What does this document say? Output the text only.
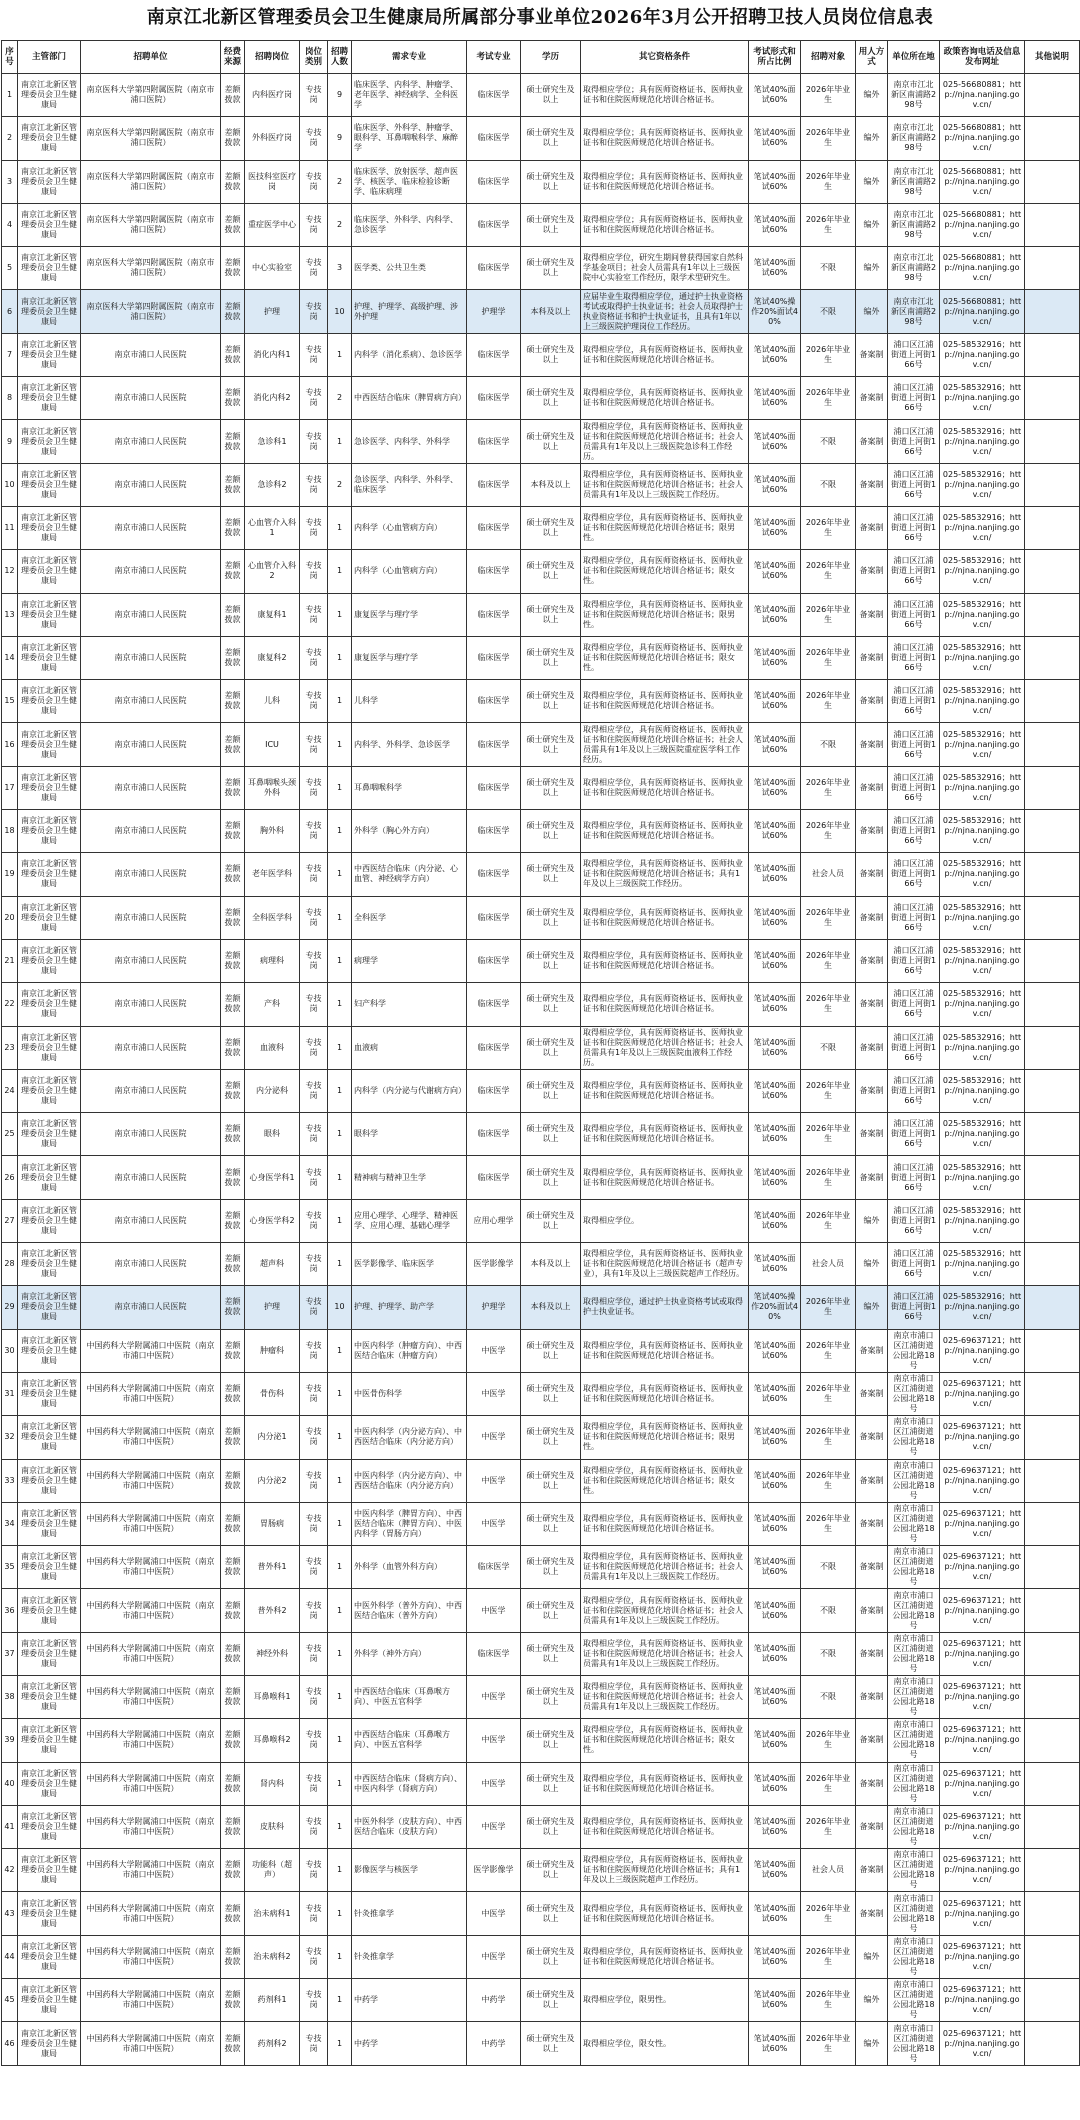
南京江北新区管理委员会卫生健康局所属部分事业单位2026年3月公开招聘卫技人员岗位信息表
序号	主管部门	招聘单位	经费来源	招聘岗位	岗位类别	招聘人数	需求专业	考试专业	学历	其它资格条件	考试形式和所占比例	招聘对象	用人方式	单位所在地	政策咨询电话及信息发布网址	其他说明
1	南京江北新区管理委员会卫生健康局	南京医科大学第四附属医院（南京市浦口医院）	差额拨款	内科医疗岗	专技岗	9	临床医学、内科学、肿瘤学、老年医学、神经病学、全科医学	临床医学	硕士研究生及以上	取得相应学位；具有医师资格证书、医师执业证书和住院医师规范化培训合格证书。	笔试40%面试60%	2026年毕业生	编外	南京市江北新区南浦路298号	025-56680881；http://njna.nanjing.gov.cn/	
2	南京江北新区管理委员会卫生健康局	南京医科大学第四附属医院（南京市浦口医院）	差额拨款	外科医疗岗	专技岗	9	临床医学、外科学、肿瘤学、眼科学、耳鼻咽喉科学、麻醉学	临床医学	硕士研究生及以上	取得相应学位；具有医师资格证书、医师执业证书和住院医师规范化培训合格证书。	笔试40%面试60%	2026年毕业生	编外	南京市江北新区南浦路298号	025-56680881；http://njna.nanjing.gov.cn/	
3	南京江北新区管理委员会卫生健康局	南京医科大学第四附属医院（南京市浦口医院）	差额拨款	医技科室医疗岗	专技岗	2	临床医学、放射医学、超声医学、核医学、临床检验诊断学、临床病理	临床医学	硕士研究生及以上	取得相应学位；具有医师资格证书、医师执业证书和住院医师规范化培训合格证书。	笔试40%面试60%	2026年毕业生	编外	南京市江北新区南浦路298号	025-56680881；http://njna.nanjing.gov.cn/	
4	南京江北新区管理委员会卫生健康局	南京医科大学第四附属医院（南京市浦口医院）	差额拨款	重症医学中心	专技岗	2	临床医学、外科学、内科学、急诊医学	临床医学	硕士研究生及以上	取得相应学位；具有医师资格证书、医师执业证书和住院医师规范化培训合格证书。	笔试40%面试60%	2026年毕业生	编外	南京市江北新区南浦路298号	025-56680881；http://njna.nanjing.gov.cn/	
5	南京江北新区管理委员会卫生健康局	南京医科大学第四附属医院（南京市浦口医院）	差额拨款	中心实验室	专技岗	3	医学类、公共卫生类	临床医学	硕士研究生及以上	取得相应学位，研究生期间曾获得国家自然科学基金项目；社会人员需具有1年以上三级医院中心实验室工作经历，限学术型研究生。	笔试40%面试60%	不限	编外	南京市江北新区南浦路298号	025-56680881；http://njna.nanjing.gov.cn/	
6	南京江北新区管理委员会卫生健康局	南京医科大学第四附属医院（南京市浦口医院）	差额拨款	护理	专技岗	10	护理、护理学、高级护理、涉外护理	护理学	本科及以上	应届毕业生取得相应学位，通过护士执业资格考试或取得护士执业证书；社会人员取得护士执业资格证书和护士执业证书，且具有1年以上三级医院护理岗位工作经历。	笔试40%操作20%面试40%	不限	编外	南京市江北新区南浦路298号	025-56680881；http://njna.nanjing.gov.cn/	
7	南京江北新区管理委员会卫生健康局	南京市浦口人民医院	差额拨款	消化内科1	专技岗	1	内科学（消化系病）、急诊医学	临床医学	硕士研究生及以上	取得相应学位，具有医师资格证书、医师执业证书和住院医师规范化培训合格证书。	笔试40%面试60%	2026年毕业生	备案制	浦口区江浦街道上河街166号	025-58532916；http://njna.nanjing.gov.cn/	
8	南京江北新区管理委员会卫生健康局	南京市浦口人民医院	差额拨款	消化内科2	专技岗	2	中西医结合临床（脾胃病方向）	临床医学	硕士研究生及以上	取得相应学位，具有医师资格证书、医师执业证书和住院医师规范化培训合格证书。	笔试40%面试60%	2026年毕业生	备案制	浦口区江浦街道上河街166号	025-58532916；http://njna.nanjing.gov.cn/	
9	南京江北新区管理委员会卫生健康局	南京市浦口人民医院	差额拨款	急诊科1	专技岗	1	急诊医学、内科学、外科学	临床医学	硕士研究生及以上	取得相应学位，具有医师资格证书、医师执业证书和住院医师规范化培训合格证书；社会人员需具有1年及以上三级医院急诊科工作经历。	笔试40%面试60%	不限	备案制	浦口区江浦街道上河街166号	025-58532916；http://njna.nanjing.gov.cn/	
10	南京江北新区管理委员会卫生健康局	南京市浦口人民医院	差额拨款	急诊科2	专技岗	2	急诊医学、内科学、外科学、临床医学	临床医学	本科及以上	取得相应学位，具有医师资格证书、医师执业证书和住院医师规范化培训合格证书；社会人员需具有1年及以上三级医院工作经历。	笔试40%面试60%	不限	备案制	浦口区江浦街道上河街166号	025-58532916；http://njna.nanjing.gov.cn/	
11	南京江北新区管理委员会卫生健康局	南京市浦口人民医院	差额拨款	心血管介入科1	专技岗	1	内科学（心血管病方向）	临床医学	硕士研究生及以上	取得相应学位，具有医师资格证书、医师执业证书和住院医师规范化培训合格证书；限男性。	笔试40%面试60%	2026年毕业生	备案制	浦口区江浦街道上河街166号	025-58532916；http://njna.nanjing.gov.cn/	
12	南京江北新区管理委员会卫生健康局	南京市浦口人民医院	差额拨款	心血管介入科2	专技岗	1	内科学（心血管病方向）	临床医学	硕士研究生及以上	取得相应学位，具有医师资格证书、医师执业证书和住院医师规范化培训合格证书；限女性。	笔试40%面试60%	2026年毕业生	备案制	浦口区江浦街道上河街166号	025-58532916；http://njna.nanjing.gov.cn/	
13	南京江北新区管理委员会卫生健康局	南京市浦口人民医院	差额拨款	康复科1	专技岗	1	康复医学与理疗学	临床医学	硕士研究生及以上	取得相应学位，具有医师资格证书、医师执业证书和住院医师规范化培训合格证书；限男性。	笔试40%面试60%	2026年毕业生	备案制	浦口区江浦街道上河街166号	025-58532916；http://njna.nanjing.gov.cn/	
14	南京江北新区管理委员会卫生健康局	南京市浦口人民医院	差额拨款	康复科2	专技岗	1	康复医学与理疗学	临床医学	硕士研究生及以上	取得相应学位，具有医师资格证书、医师执业证书和住院医师规范化培训合格证书；限女性。	笔试40%面试60%	2026年毕业生	备案制	浦口区江浦街道上河街166号	025-58532916；http://njna.nanjing.gov.cn/	
15	南京江北新区管理委员会卫生健康局	南京市浦口人民医院	差额拨款	儿科	专技岗	1	儿科学	临床医学	硕士研究生及以上	取得相应学位，具有医师资格证书、医师执业证书和住院医师规范化培训合格证书。	笔试40%面试60%	2026年毕业生	备案制	浦口区江浦街道上河街166号	025-58532916；http://njna.nanjing.gov.cn/	
16	南京江北新区管理委员会卫生健康局	南京市浦口人民医院	差额拨款	ICU	专技岗	1	内科学、外科学、急诊医学	临床医学	硕士研究生及以上	取得相应学位，具有医师资格证书、医师执业证书和住院医师规范化培训合格证书；社会人员需具有1年及以上三级医院重症医学科工作经历。	笔试40%面试60%	不限	备案制	浦口区江浦街道上河街166号	025-58532916；http://njna.nanjing.gov.cn/	
17	南京江北新区管理委员会卫生健康局	南京市浦口人民医院	差额拨款	耳鼻咽喉头颈外科	专技岗	1	耳鼻咽喉科学	临床医学	硕士研究生及以上	取得相应学位，具有医师资格证书、医师执业证书和住院医师规范化培训合格证书。	笔试40%面试60%	2026年毕业生	备案制	浦口区江浦街道上河街166号	025-58532916；http://njna.nanjing.gov.cn/	
18	南京江北新区管理委员会卫生健康局	南京市浦口人民医院	差额拨款	胸外科	专技岗	1	外科学（胸心外方向）	临床医学	硕士研究生及以上	取得相应学位，具有医师资格证书、医师执业证书和住院医师规范化培训合格证书。	笔试40%面试60%	2026年毕业生	备案制	浦口区江浦街道上河街166号	025-58532916；http://njna.nanjing.gov.cn/	
19	南京江北新区管理委员会卫生健康局	南京市浦口人民医院	差额拨款	老年医学科	专技岗	1	中西医结合临床（内分泌、心血管、神经病学方向）	临床医学	硕士研究生及以上	取得相应学位，具有医师资格证书、医师执业证书和住院医师规范化培训合格证书；具有1年及以上三级医院工作经历。	笔试40%面试60%	社会人员	备案制	浦口区江浦街道上河街166号	025-58532916；http://njna.nanjing.gov.cn/	
20	南京江北新区管理委员会卫生健康局	南京市浦口人民医院	差额拨款	全科医学科	专技岗	1	全科医学	临床医学	硕士研究生及以上	取得相应学位，具有医师资格证书、医师执业证书和住院医师规范化培训合格证书。	笔试40%面试60%	2026年毕业生	备案制	浦口区江浦街道上河街166号	025-58532916；http://njna.nanjing.gov.cn/	
21	南京江北新区管理委员会卫生健康局	南京市浦口人民医院	差额拨款	病理科	专技岗	1	病理学	临床医学	硕士研究生及以上	取得相应学位，具有医师资格证书、医师执业证书和住院医师规范化培训合格证书。	笔试40%面试60%	2026年毕业生	备案制	浦口区江浦街道上河街166号	025-58532916；http://njna.nanjing.gov.cn/	
22	南京江北新区管理委员会卫生健康局	南京市浦口人民医院	差额拨款	产科	专技岗	1	妇产科学	临床医学	硕士研究生及以上	取得相应学位，具有医师资格证书、医师执业证书和住院医师规范化培训合格证书。	笔试40%面试60%	2026年毕业生	备案制	浦口区江浦街道上河街166号	025-58532916；http://njna.nanjing.gov.cn/	
23	南京江北新区管理委员会卫生健康局	南京市浦口人民医院	差额拨款	血液科	专技岗	1	血液病	临床医学	硕士研究生及以上	取得相应学位，具有医师资格证书、医师执业证书和住院医师规范化培训合格证书；社会人员需具有1年及以上三级医院血液科工作经历。	笔试40%面试60%	不限	备案制	浦口区江浦街道上河街166号	025-58532916；http://njna.nanjing.gov.cn/	
24	南京江北新区管理委员会卫生健康局	南京市浦口人民医院	差额拨款	内分泌科	专技岗	1	内科学（内分泌与代谢病方向）	临床医学	硕士研究生及以上	取得相应学位，具有医师资格证书、医师执业证书和住院医师规范化培训合格证书。	笔试40%面试60%	2026年毕业生	备案制	浦口区江浦街道上河街166号	025-58532916；http://njna.nanjing.gov.cn/	
25	南京江北新区管理委员会卫生健康局	南京市浦口人民医院	差额拨款	眼科	专技岗	1	眼科学	临床医学	硕士研究生及以上	取得相应学位，具有医师资格证书、医师执业证书和住院医师规范化培训合格证书。	笔试40%面试60%	2026年毕业生	备案制	浦口区江浦街道上河街166号	025-58532916；http://njna.nanjing.gov.cn/	
26	南京江北新区管理委员会卫生健康局	南京市浦口人民医院	差额拨款	心身医学科1	专技岗	1	精神病与精神卫生学	临床医学	硕士研究生及以上	取得相应学位，具有医师资格证书、医师执业证书和住院医师规范化培训合格证书。	笔试40%面试60%	2026年毕业生	备案制	浦口区江浦街道上河街166号	025-58532916；http://njna.nanjing.gov.cn/	
27	南京江北新区管理委员会卫生健康局	南京市浦口人民医院	差额拨款	心身医学科2	专技岗	1	应用心理学、心理学、精神医学、应用心理、基础心理学	应用心理学	硕士研究生及以上	取得相应学位。	笔试40%面试60%	2026年毕业生	编外	浦口区江浦街道上河街166号	025-58532916；http://njna.nanjing.gov.cn/	
28	南京江北新区管理委员会卫生健康局	南京市浦口人民医院	差额拨款	超声科	专技岗	1	医学影像学、临床医学	医学影像学	本科及以上	取得相应学位，具有医师资格证书、医师执业证书和住院医师规范化培训合格证书（超声专业），具有1年及以上三级医院超声工作经历。	笔试40%面试60%	社会人员	编外	浦口区江浦街道上河街166号	025-58532916；http://njna.nanjing.gov.cn/	
29	南京江北新区管理委员会卫生健康局	南京市浦口人民医院	差额拨款	护理	专技岗	10	护理、护理学、助产学	护理学	本科及以上	取得相应学位，通过护士执业资格考试或取得护士执业证书。	笔试40%操作20%面试40%	2026年毕业生	编外	浦口区江浦街道上河街166号	025-58532916；http://njna.nanjing.gov.cn/	
30	南京江北新区管理委员会卫生健康局	中国药科大学附属浦口中医院（南京市浦口中医院）	差额拨款	肿瘤科	专技岗	1	中医内科学（肿瘤方向）、中西医结合临床（肿瘤方向）	中医学	硕士研究生及以上	取得相应学位，具有医师资格证书、医师执业证书和住院医师规范化培训合格证书。	笔试40%面试60%	2026年毕业生	备案制	南京市浦口区江浦街道公园北路18号	025-69637121；http://njna.nanjing.gov.cn/	
31	南京江北新区管理委员会卫生健康局	中国药科大学附属浦口中医院（南京市浦口中医院）	差额拨款	骨伤科	专技岗	1	中医骨伤科学	中医学	硕士研究生及以上	取得相应学位，具有医师资格证书、医师执业证书和住院医师规范化培训合格证书。	笔试40%面试60%	2026年毕业生	备案制	南京市浦口区江浦街道公园北路18号	025-69637121；http://njna.nanjing.gov.cn/	
32	南京江北新区管理委员会卫生健康局	中国药科大学附属浦口中医院（南京市浦口中医院）	差额拨款	内分泌1	专技岗	1	中医内科学（内分泌方向）、中西医结合临床（内分泌方向）	中医学	硕士研究生及以上	取得相应学位，具有医师资格证书、医师执业证书和住院医师规范化培训合格证书；限男性。	笔试40%面试60%	2026年毕业生	备案制	南京市浦口区江浦街道公园北路18号	025-69637121；http://njna.nanjing.gov.cn/	
33	南京江北新区管理委员会卫生健康局	中国药科大学附属浦口中医院（南京市浦口中医院）	差额拨款	内分泌2	专技岗	1	中医内科学（内分泌方向）、中西医结合临床（内分泌方向）	中医学	硕士研究生及以上	取得相应学位，具有医师资格证书、医师执业证书和住院医师规范化培训合格证书；限女性。	笔试40%面试60%	2026年毕业生	备案制	南京市浦口区江浦街道公园北路18号	025-69637121；http://njna.nanjing.gov.cn/	
34	南京江北新区管理委员会卫生健康局	中国药科大学附属浦口中医院（南京市浦口中医院）	差额拨款	胃肠病	专技岗	1	中医内科学（脾胃方向）、中西医结合临床（脾胃方向）、中医内科学（胃肠方向）	中医学	硕士研究生及以上	取得相应学位，具有医师资格证书、医师执业证书和住院医师规范化培训合格证书。	笔试40%面试60%	2026年毕业生	备案制	南京市浦口区江浦街道公园北路18号	025-69637121；http://njna.nanjing.gov.cn/	
35	南京江北新区管理委员会卫生健康局	中国药科大学附属浦口中医院（南京市浦口中医院）	差额拨款	普外科1	专技岗	1	外科学（血管外科方向）	临床医学	硕士研究生及以上	取得相应学位，具有医师资格证书、医师执业证书和住院医师规范化培训合格证书；社会人员需具有1年及以上三级医院工作经历。	笔试40%面试60%	不限	备案制	南京市浦口区江浦街道公园北路18号	025-69637121；http://njna.nanjing.gov.cn/	
36	南京江北新区管理委员会卫生健康局	中国药科大学附属浦口中医院（南京市浦口中医院）	差额拨款	普外科2	专技岗	1	中医外科学（普外方向）、中西医结合临床（普外方向）	中医学	硕士研究生及以上	取得相应学位，具有医师资格证书、医师执业证书和住院医师规范化培训合格证书；社会人员需具有1年及以上三级医院工作经历。	笔试40%面试60%	不限	备案制	南京市浦口区江浦街道公园北路18号	025-69637121；http://njna.nanjing.gov.cn/	
37	南京江北新区管理委员会卫生健康局	中国药科大学附属浦口中医院（南京市浦口中医院）	差额拨款	神经外科	专技岗	1	外科学（神外方向）	临床医学	硕士研究生及以上	取得相应学位，具有医师资格证书、医师执业证书和住院医师规范化培训合格证书；社会人员需具有1年及以上三级医院工作经历。	笔试40%面试60%	不限	备案制	南京市浦口区江浦街道公园北路18号	025-69637121；http://njna.nanjing.gov.cn/	
38	南京江北新区管理委员会卫生健康局	中国药科大学附属浦口中医院（南京市浦口中医院）	差额拨款	耳鼻喉科1	专技岗	1	中西医结合临床（耳鼻喉方向）、中医五官科学	中医学	硕士研究生及以上	取得相应学位，具有医师资格证书、医师执业证书和住院医师规范化培训合格证书；社会人员需具有1年及以上三级医院工作经历。	笔试40%面试60%	不限	备案制	南京市浦口区江浦街道公园北路18号	025-69637121；http://njna.nanjing.gov.cn/	
39	南京江北新区管理委员会卫生健康局	中国药科大学附属浦口中医院（南京市浦口中医院）	差额拨款	耳鼻喉科2	专技岗	1	中西医结合临床（耳鼻喉方向）、中医五官科学	中医学	硕士研究生及以上	取得相应学位，具有医师资格证书、医师执业证书和住院医师规范化培训合格证书；限女性。	笔试40%面试60%	2026年毕业生	备案制	南京市浦口区江浦街道公园北路18号	025-69637121；http://njna.nanjing.gov.cn/	
40	南京江北新区管理委员会卫生健康局	中国药科大学附属浦口中医院（南京市浦口中医院）	差额拨款	肾内科	专技岗	1	中西医结合临床（肾病方向）、中医内科学（肾病方向）	中医学	硕士研究生及以上	取得相应学位，具有医师资格证书、医师执业证书和住院医师规范化培训合格证书。	笔试40%面试60%	2026年毕业生	备案制	南京市浦口区江浦街道公园北路18号	025-69637121；http://njna.nanjing.gov.cn/	
41	南京江北新区管理委员会卫生健康局	中国药科大学附属浦口中医院（南京市浦口中医院）	差额拨款	皮肤科	专技岗	1	中医外科学（皮肤方向）、中西医结合临床（皮肤方向）	中医学	硕士研究生及以上	取得相应学位，具有医师资格证书、医师执业证书和住院医师规范化培训合格证书。	笔试40%面试60%	2026年毕业生	备案制	南京市浦口区江浦街道公园北路18号	025-69637121；http://njna.nanjing.gov.cn/	
42	南京江北新区管理委员会卫生健康局	中国药科大学附属浦口中医院（南京市浦口中医院）	差额拨款	功能科（超声）	专技岗	1	影像医学与核医学	医学影像学	硕士研究生及以上	取得相应学位，具有医师资格证书、医师执业证书和住院医师规范化培训合格证书；具有1年及以上三级医院超声工作经历。	笔试40%面试60%	社会人员	备案制	南京市浦口区江浦街道公园北路18号	025-69637121；http://njna.nanjing.gov.cn/	
43	南京江北新区管理委员会卫生健康局	中国药科大学附属浦口中医院（南京市浦口中医院）	差额拨款	治未病科1	专技岗	1	针灸推拿学	中医学	硕士研究生及以上	取得相应学位，具有医师资格证书、医师执业证书和住院医师规范化培训合格证书。	笔试40%面试60%	2026年毕业生	备案制	南京市浦口区江浦街道公园北路18号	025-69637121；http://njna.nanjing.gov.cn/	
44	南京江北新区管理委员会卫生健康局	中国药科大学附属浦口中医院（南京市浦口中医院）	差额拨款	治未病科2	专技岗	1	针灸推拿学	中医学	硕士研究生及以上	取得相应学位，具有医师资格证书、医师执业证书和住院医师规范化培训合格证书。	笔试40%面试60%	2026年毕业生	编外	南京市浦口区江浦街道公园北路18号	025-69637121；http://njna.nanjing.gov.cn/	
45	南京江北新区管理委员会卫生健康局	中国药科大学附属浦口中医院（南京市浦口中医院）	差额拨款	药剂科1	专技岗	1	中药学	中药学	硕士研究生及以上	取得相应学位，限男性。	笔试40%面试60%	2026年毕业生	编外	南京市浦口区江浦街道公园北路18号	025-69637121；http://njna.nanjing.gov.cn/	
46	南京江北新区管理委员会卫生健康局	中国药科大学附属浦口中医院（南京市浦口中医院）	差额拨款	药剂科2	专技岗	1	中药学	中药学	硕士研究生及以上	取得相应学位，限女性。	笔试40%面试60%	2026年毕业生	编外	南京市浦口区江浦街道公园北路18号	025-69637121；http://njna.nanjing.gov.cn/	
